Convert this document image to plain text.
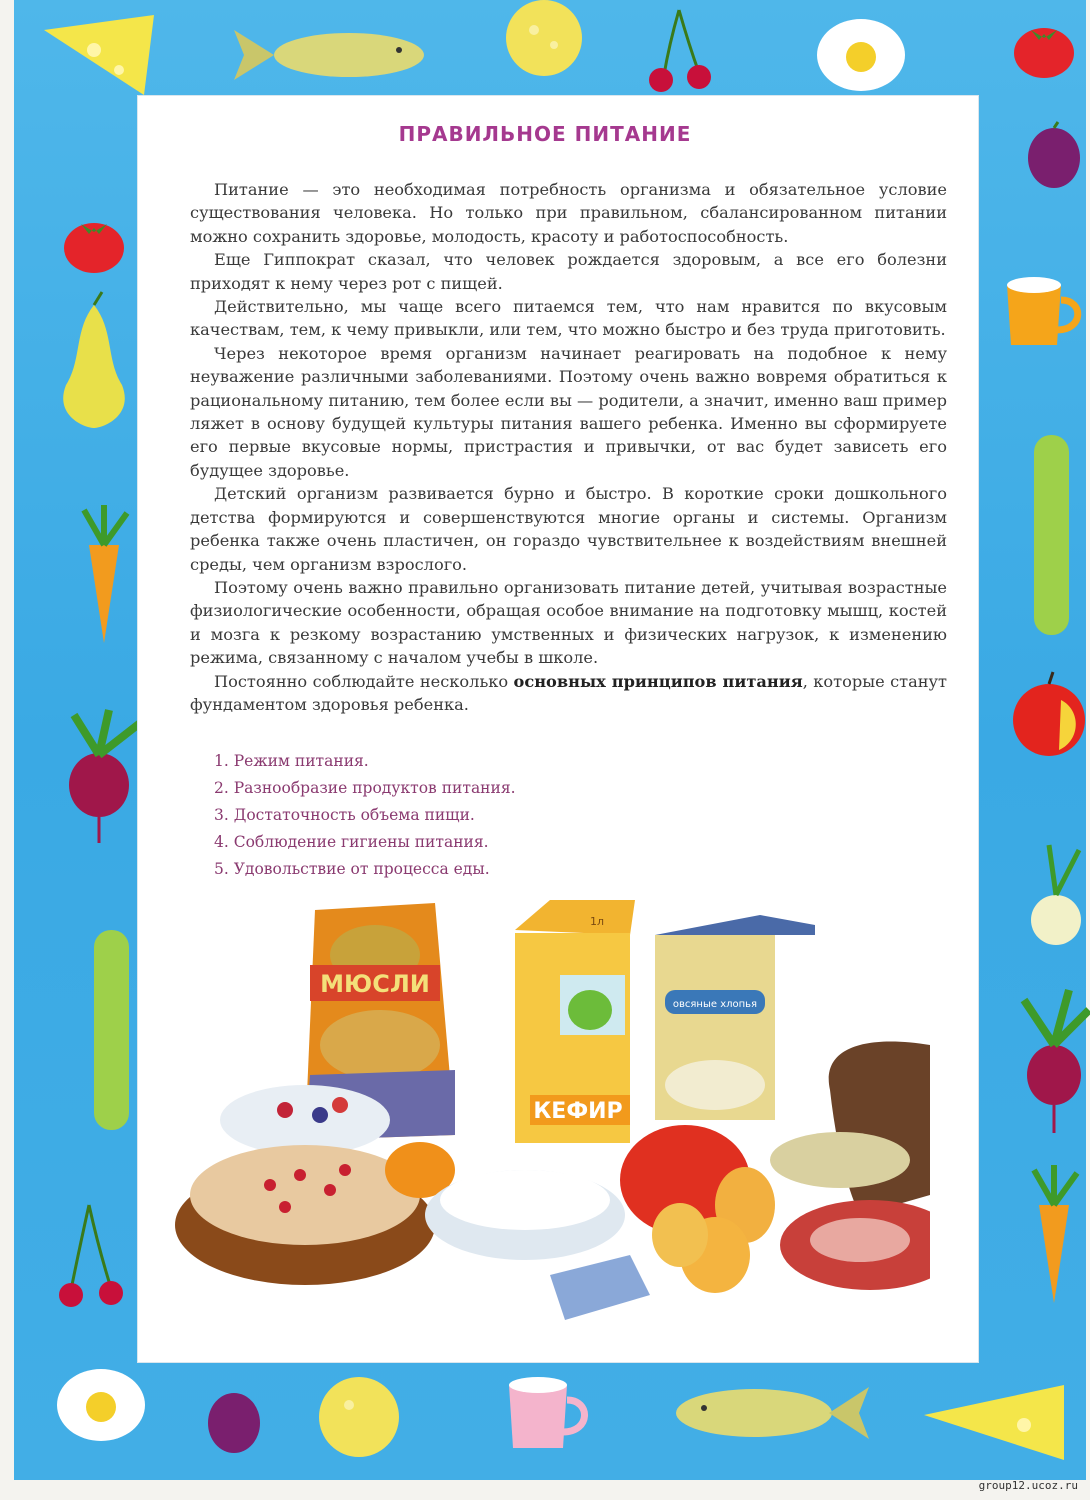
ПРАВИЛЬНОЕ ПИТАНИЕ

Питание — это необходимая потребность организма и обязательное условие существования человека. Но только при правильном, сбалансированном питании можно сохранить здоровье, молодость, красоту и работоспособность.

Еще Гиппократ сказал, что человек рождается здоровым, а все его болезни приходят к нему через рот с пищей.

Действительно, мы чаще всего питаемся тем, что нам нравится по вкусовым качествам, тем, к чему привыкли, или тем, что можно быстро и без труда приготовить.

Через некоторое время организм начинает реагировать на подобное к нему неуважение различными заболеваниями. Поэтому очень важно вовремя обратиться к рациональному питанию, тем более если вы — родители, а значит, именно ваш пример ляжет в основу будущей культуры питания вашего ребенка. Именно вы сформируете его первые вкусовые нормы, пристрастия и привычки, от вас будет зависеть его будущее здоровье.

Детский организм развивается бурно и быстро. В короткие сроки дошкольного детства формируются и совершенствуются многие органы и системы. Организм ребенка также очень пластичен, он гораздо чувствительнее к воздействиям внешней среды, чем организм взрослого.

Поэтому очень важно правильно организовать питание детей, учитывая возрастные физиологические особенности, обращая особое внимание на подготовку мышц, костей и мозга к резкому возрастанию умственных и физических нагрузок, к изменению режима, связанному с началом учебы в школе.

Постоянно соблюдайте несколько основных принципов питания, которые станут фундаментом здоровья ребенка.

1. Режим питания.
2. Разнообразие продуктов питания.
3. Достаточность объема пищи.
4. Соблюдение гигиены питания.
5. Удовольствие от процесса еды.
МЮСЛИ
1л
КЕФИР
овсяные хлопья
group12.ucoz.ru
